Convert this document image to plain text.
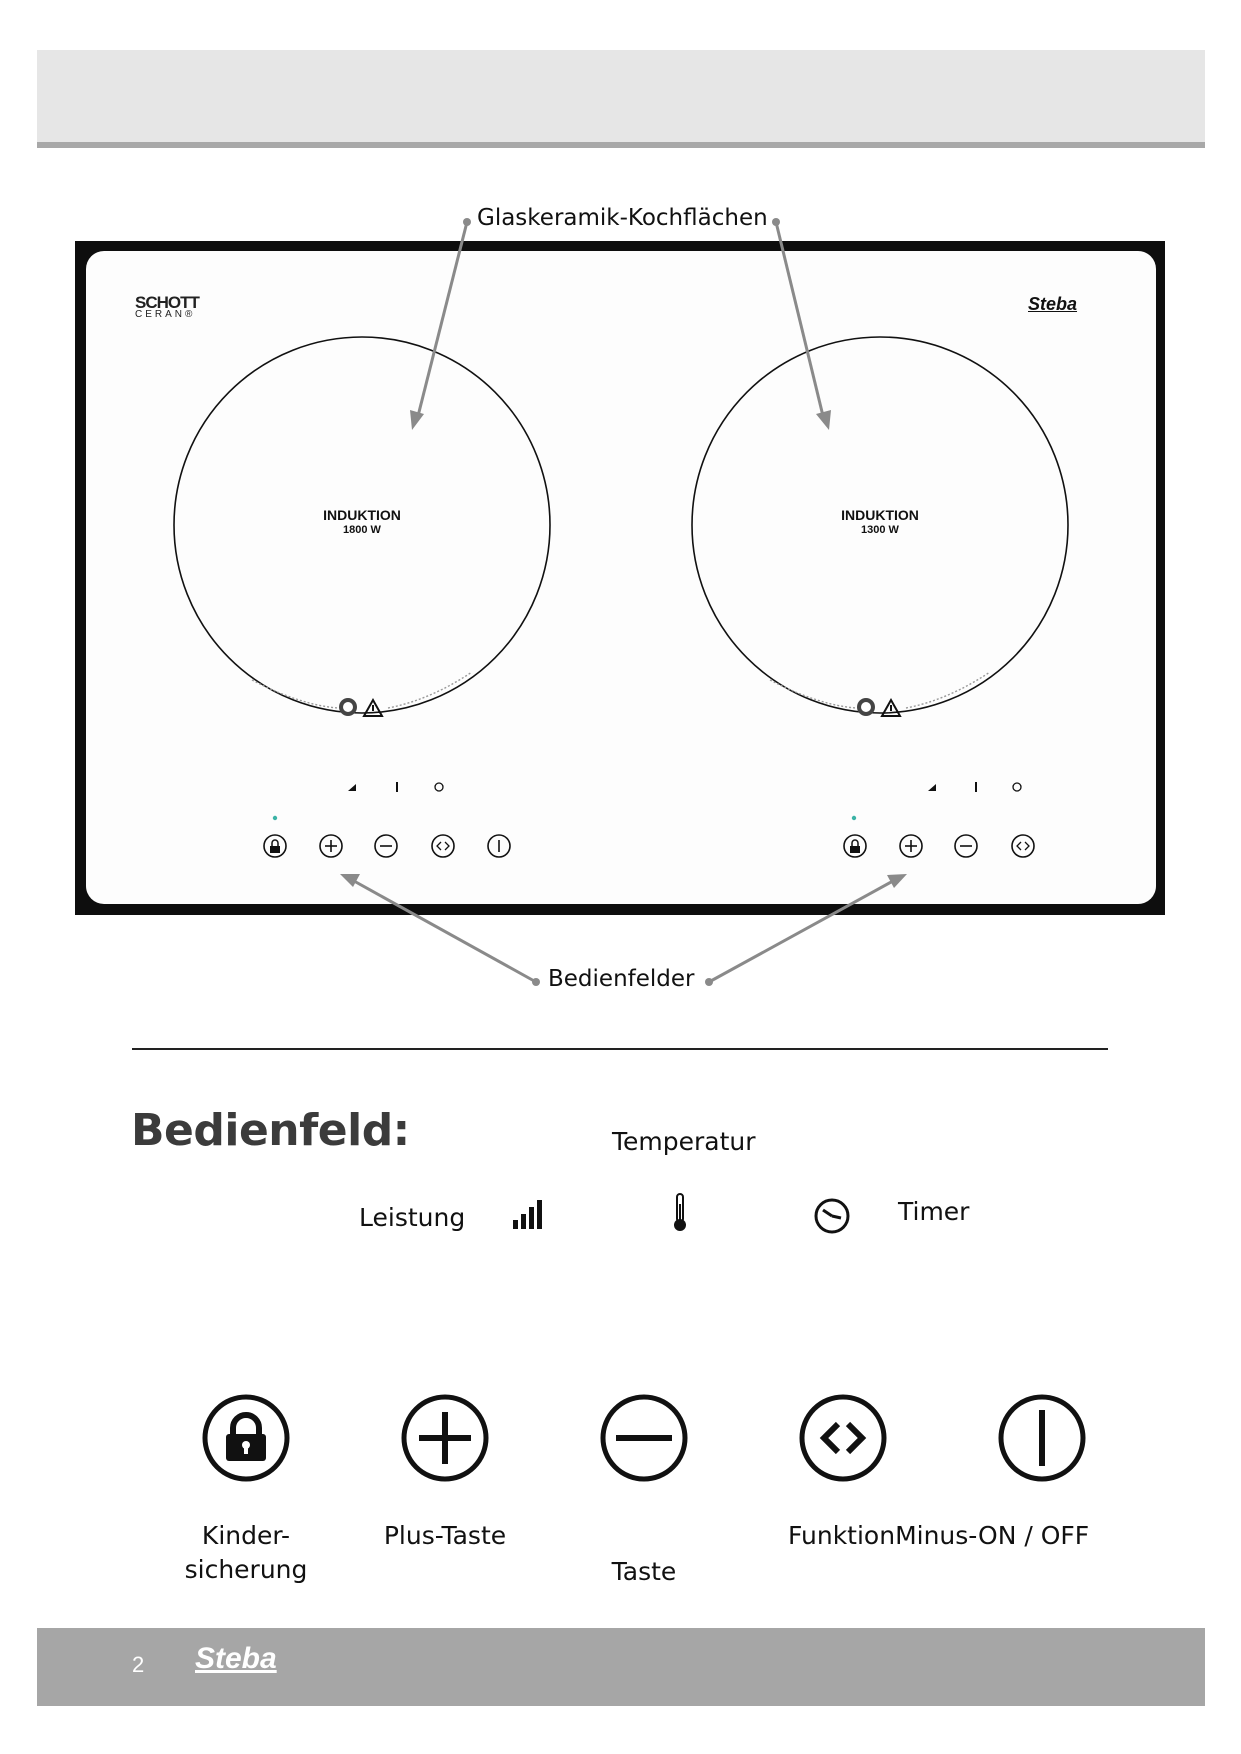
Glaskeramik-Kochflächen
SCHOTT
CERAN®
Steba
INDUKTION
1800 W
INDUKTION
1300 W
Bedienfelder
Bedienfeld:	Temperatur
Leistung	Timer
Kinder-
sicherung
Plus-Taste
Taste
FunktionMinus-ON / OFF
2 Steba
